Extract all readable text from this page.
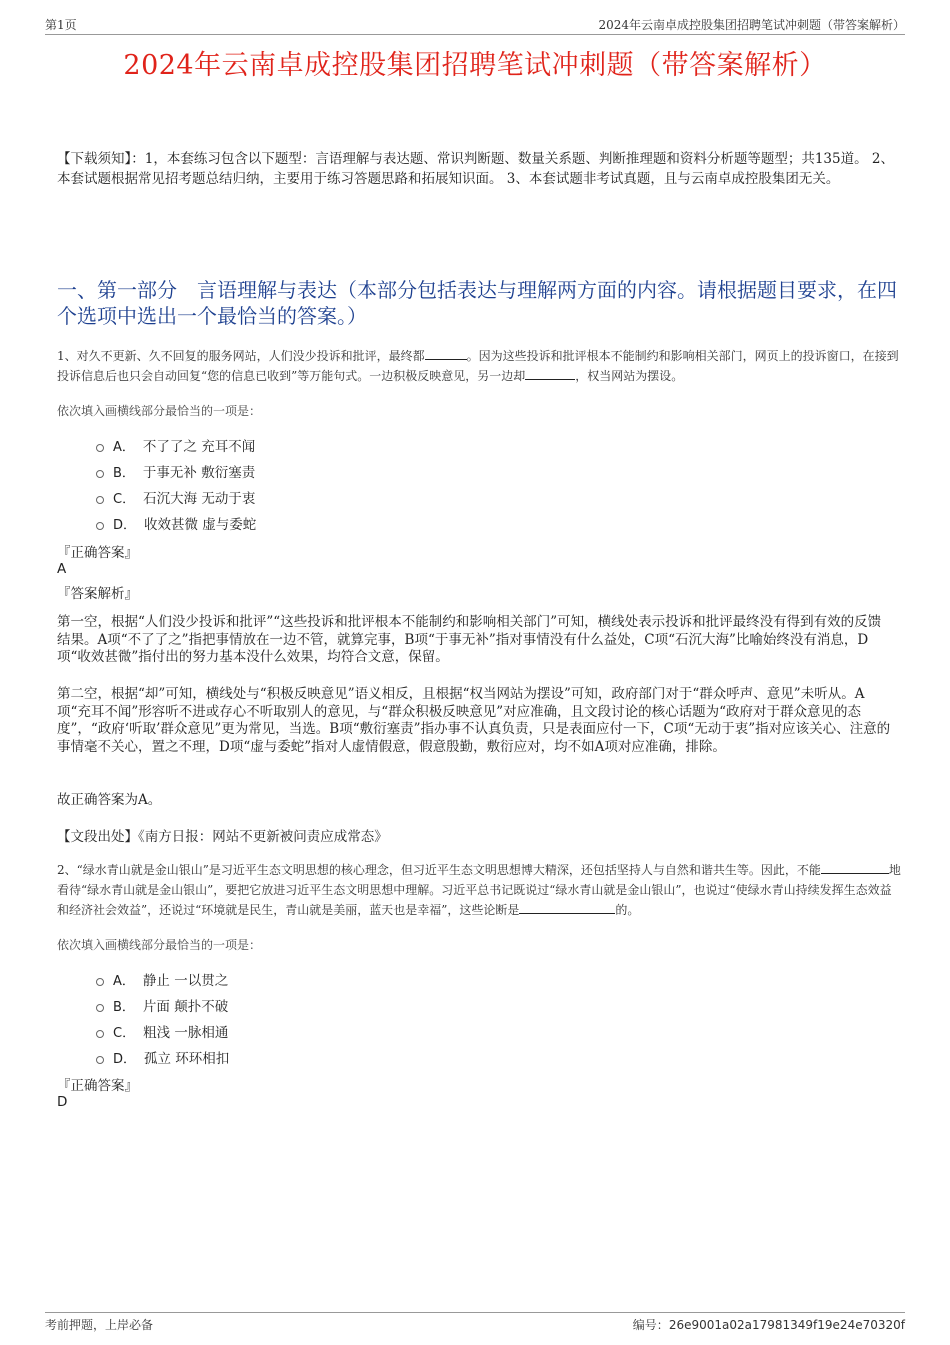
第1页	2024年云南卓成控股集团招聘笔试冲刺题（带答案解析）
2024年云南卓成控股集团招聘笔试冲刺题（带答案解析）
【下载须知】：1，本套练习包含以下题型：言语理解与表达题、常识判断题、数量关系题、判断推理题和资料分析题等题型；共135道。 2、本套试题根据常见招考题总结归纳，主要用于练习答题思路和拓展知识面。 3、本套试题非考试真题，且与云南卓成控股集团无关。
一、第一部分　言语理解与表达（本部分包括表达与理解两方面的内容。请根据题目要求，在四个选项中选出一个最恰当的答案。）
1、对久不更新、久不回复的服务网站，人们没少投诉和批评，最终都	。因为这些投诉和批评根本不能制约和影响相关部门，网页上的投诉窗口，在接到投诉信息后也只会自动回复“您的信息已收到”等万能句式。一边积极反映意见，另一边却	，权当网站为摆设。
依次填入画横线部分最恰当的一项是：
A． 不了了之 充耳不闻
B． 于事无补 敷衍塞责
C． 石沉大海 无动于衷
D． 收效甚微 虚与委蛇
『正确答案』
A
『答案解析』
第一空，根据“人们没少投诉和批评”“这些投诉和批评根本不能制约和影响相关部门”可知，横线处表示投诉和批评最终没有得到有效的反馈结果。A项“不了了之”指把事情放在一边不管，就算完事，B项“于事无补”指对事情没有什么益处，C项“石沉大海”比喻始终没有消息，D项“收效甚微”指付出的努力基本没什么效果，均符合文意，保留。
第二空，根据“却”可知，横线处与“积极反映意见”语义相反，且根据“权当网站为摆设”可知，政府部门对于“群众呼声、意见”未听从。A项“充耳不闻”形容听不进或存心不听取别人的意见，与“群众积极反映意见”对应准确，且文段讨论的核心话题为“政府对于群众意见的态度”，“政府‘听取’群众意见”更为常见，当选。B项“敷衍塞责”指办事不认真负责，只是表面应付一下，C项“无动于衷”指对应该关心、注意的事情毫不关心，置之不理，D项“虚与委蛇”指对人虚情假意，假意殷勤，敷衍应对，均不如A项对应准确，排除。
故正确答案为A。
【文段出处】《南方日报：网站不更新被问责应成常态》
2、“绿水青山就是金山银山”是习近平生态文明思想的核心理念，但习近平生态文明思想博大精深，还包括坚持人与自然和谐共生等。因此，不能	地看待“绿水青山就是金山银山”，要把它放进习近平生态文明思想中理解。习近平总书记既说过“绿水青山就是金山银山”，也说过“使绿水青山持续发挥生态效益和经济社会效益”，还说过“环境就是民生，青山就是美丽，蓝天也是幸福”，这些论断是	的。
依次填入画横线部分最恰当的一项是：
A． 静止 一以贯之
B． 片面 颠扑不破
C． 粗浅 一脉相通
D． 孤立 环环相扣
『正确答案』
D
考前押题，上岸必备	编号：26e9001a02a17981349f19e24e70320f
